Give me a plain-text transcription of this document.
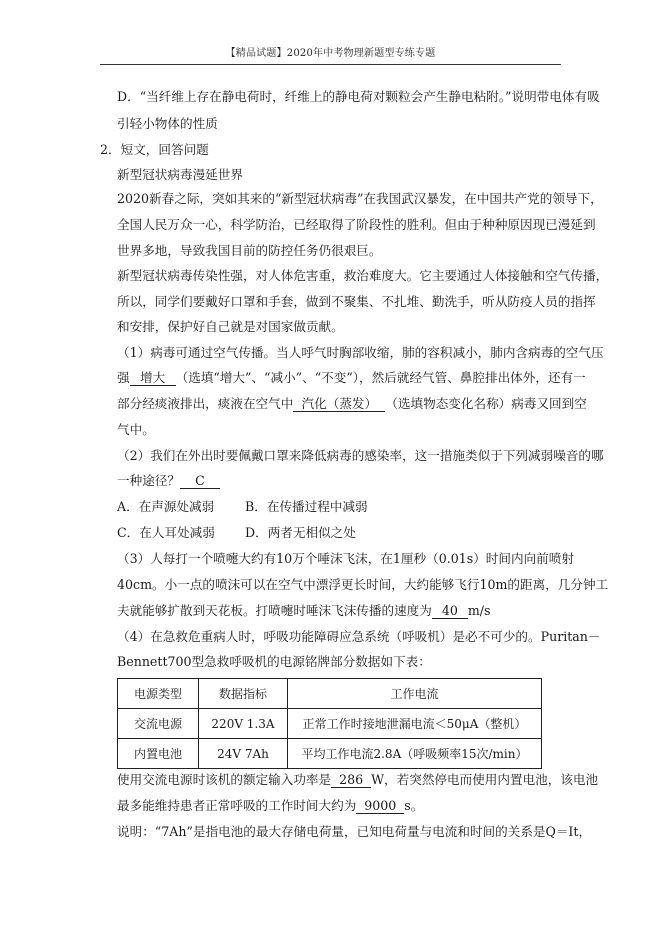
【精品试题】2020年中考物理新题型专练专题
D．“当纤维上存在静电荷时，纤维上的静电荷对颗粒会产生静电粘附。”说明带电体有吸
引轻小物体的性质
2．短文，回答问题
新型冠状病毒漫延世界
2020新春之际，突如其来的“新型冠状病毒”在我国武汉暴发，在中国共产党的领导下，
全国人民万众一心，科学防治，已经取得了阶段性的胜利。但由于种种原因现已漫延到
世界多地，导致我国目前的防控任务仍很艰巨。
新型冠状病毒传染性强，对人体危害重，救治难度大。它主要通过人体接触和空气传播，
所以，同学们要戴好口罩和手套，做到不聚集、不扎堆、勤洗手，听从防疫人员的指挥
和安排，保护好自己就是对国家做贡献。
（1）病毒可通过空气传播。当人呼气时胸部收缩，肺的容积减小，肺内含病毒的空气压
强 增大 （选填“增大”、“减小”、“不变”），然后就经气管、鼻腔排出体外，还有一
部分经痰液排出，痰液在空气中 汽化（蒸发） （选填物态变化名称）病毒又回到空
气中。
（2）我们在外出时要佩戴口罩来降低病毒的感染率，这一措施类似于下列减弱噪音的哪
一种途径？ C
A．在声源处减弱 B．在传播过程中减弱
C．在人耳处减弱 D．两者无相似之处
（3）人每打一个喷嚏大约有10万个唾沫飞沫，在1厘秒（0.01s）时间内向前喷射
40cm。小一点的喷沫可以在空气中漂浮更长时间，大约能够飞行10m的距离，几分钟工
夫就能够扩散到天花板。打喷嚏时唾沫飞沫传播的速度为 40 m/s
（4）在急救危重病人时，呼吸功能障碍应急系统（呼吸机）是必不可少的。Puritan－
Bennett700型急救呼吸机的电源铭牌部分数据如下表：
电源类型	数据指标	工作电流
交流电源	220V 1.3A	正常工作时接地泄漏电流＜50μA（整机）
内置电池	24V 7Ah	平均工作电流2.8A（呼吸频率15次/min）
使用交流电源时该机的额定输入功率是 286 W，若突然停电而使用内置电池，该电池
最多能维持患者正常呼吸的工作时间大约为 9000 s。
说明：“7Ah”是指电池的最大存储电荷量，已知电荷量与电流和时间的关系是Q＝It，
